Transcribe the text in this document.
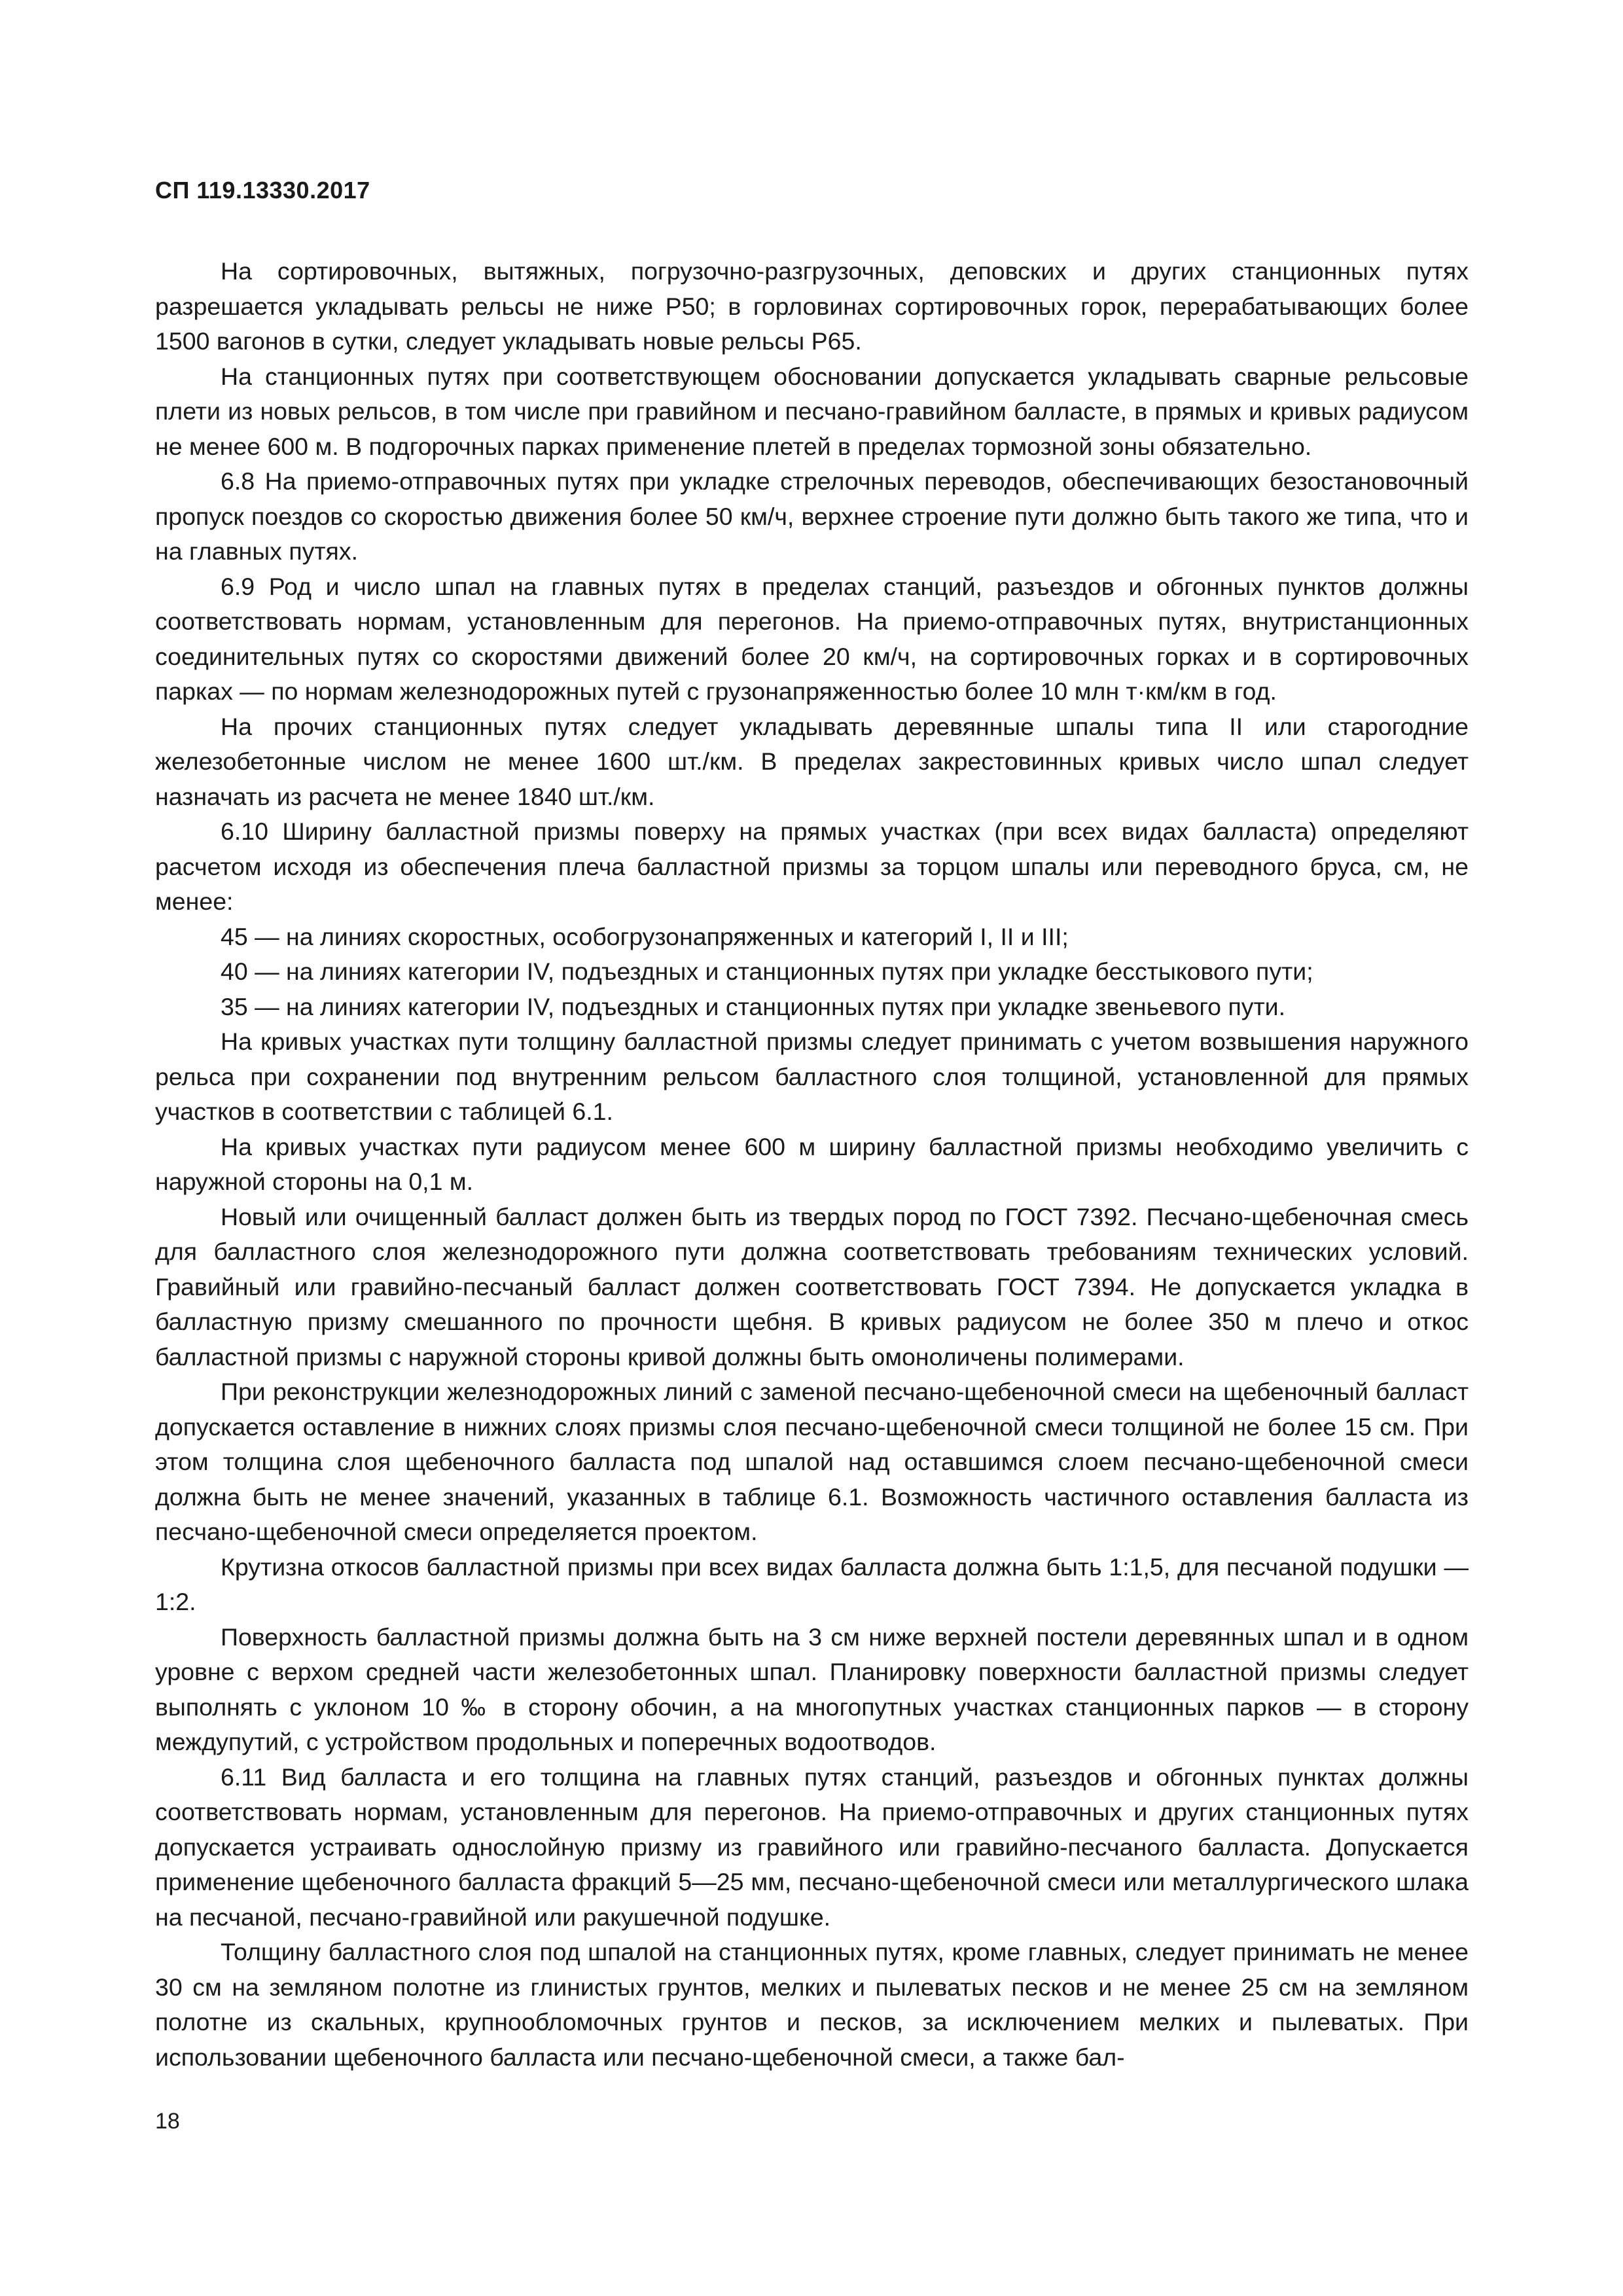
СП 119.13330.2017

На сортировочных, вытяжных, погрузочно-разгрузочных, деповских и других станционных путях разрешается укладывать рельсы не ниже Р50; в горловинах сортировочных горок, перерабатывающих более 1500 вагонов в сутки, следует укладывать новые рельсы Р65.

На станционных путях при соответствующем обосновании допускается укладывать сварные рельсовые плети из новых рельсов, в том числе при гравийном и песчано-гравийном балласте, в прямых и кривых радиусом не менее 600 м. В подгорочных парках применение плетей в пределах тормозной зоны обязательно.

6.8 На приемо-отправочных путях при укладке стрелочных переводов, обеспечивающих безостановочный пропуск поездов со скоростью движения более 50 км/ч, верхнее строение пути должно быть такого же типа, что и на главных путях.

6.9 Род и число шпал на главных путях в пределах станций, разъездов и обгонных пунктов должны соответствовать нормам, установленным для перегонов. На приемо-отправочных путях, внутристанционных соединительных путях со скоростями движений более 20 км/ч, на сортировочных горках и в сортировочных парках — по нормам железнодорожных путей с грузонапряженностью более 10 млн т·км/км в год.

На прочих станционных путях следует укладывать деревянные шпалы типа II или старогодние железобетонные числом не менее 1600 шт./км. В пределах закрестовинных кривых число шпал следует назначать из расчета не менее 1840 шт./км.

6.10 Ширину балластной призмы поверху на прямых участках (при всех видах балласта) определяют расчетом исходя из обеспечения плеча балластной призмы за торцом шпалы или переводного бруса, см, не менее:

45 — на линиях скоростных, особогрузонапряженных и категорий I, II и III;

40 — на линиях категории IV, подъездных и станционных путях при укладке бесстыкового пути;

35 — на линиях категории IV, подъездных и станционных путях при укладке звеньевого пути.

На кривых участках пути толщину балластной призмы следует принимать с учетом возвышения наружного рельса при сохранении под внутренним рельсом балластного слоя толщиной, установленной для прямых участков в соответствии с таблицей 6.1.

На кривых участках пути радиусом менее 600 м ширину балластной призмы необходимо увеличить с наружной стороны на 0,1 м.

Новый или очищенный балласт должен быть из твердых пород по ГОСТ 7392. Песчано-щебеночная смесь для балластного слоя железнодорожного пути должна соответствовать требованиям технических условий. Гравийный или гравийно-песчаный балласт должен соответствовать ГОСТ 7394. Не допускается укладка в балластную призму смешанного по прочности щебня. В кривых радиусом не более 350 м плечо и откос балластной призмы с наружной стороны кривой должны быть омоноличены полимерами.

При реконструкции железнодорожных линий с заменой песчано-щебеночной смеси на щебеночный балласт допускается оставление в нижних слоях призмы слоя песчано-щебеночной смеси толщиной не более 15 см. При этом толщина слоя щебеночного балласта под шпалой над оставшимся слоем песчано-щебеночной смеси должна быть не менее значений, указанных в таблице 6.1. Возможность частичного оставления балласта из песчано-щебеночной смеси определяется проектом.

Крутизна откосов балластной призмы при всех видах балласта должна быть 1:1,5, для песчаной подушки — 1:2.

Поверхность балластной призмы должна быть на 3 см ниже верхней постели деревянных шпал и в одном уровне с верхом средней части железобетонных шпал. Планировку поверхности балластной призмы следует выполнять с уклоном 10 ‰ в сторону обочин, а на многопутных участках станционных парков — в сторону междупутий, с устройством продольных и поперечных водоотводов.

6.11 Вид балласта и его толщина на главных путях станций, разъездов и обгонных пунктах должны соответствовать нормам, установленным для перегонов. На приемо-отправочных и других станционных путях допускается устраивать однослойную призму из гравийного или гравийно-песчаного балласта. Допускается применение щебеночного балласта фракций 5—25 мм, песчано-щебеночной смеси или металлургического шлака на песчаной, песчано-гравийной или ракушечной подушке.

Толщину балластного слоя под шпалой на станционных путях, кроме главных, следует принимать не менее 30 см на земляном полотне из глинистых грунтов, мелких и пылеватых песков и не менее 25 см на земляном полотне из скальных, крупнообломочных грунтов и песков, за исключением мелких и пылеватых. При использовании щебеночного балласта или песчано-щебеночной смеси, а также бал-

18
